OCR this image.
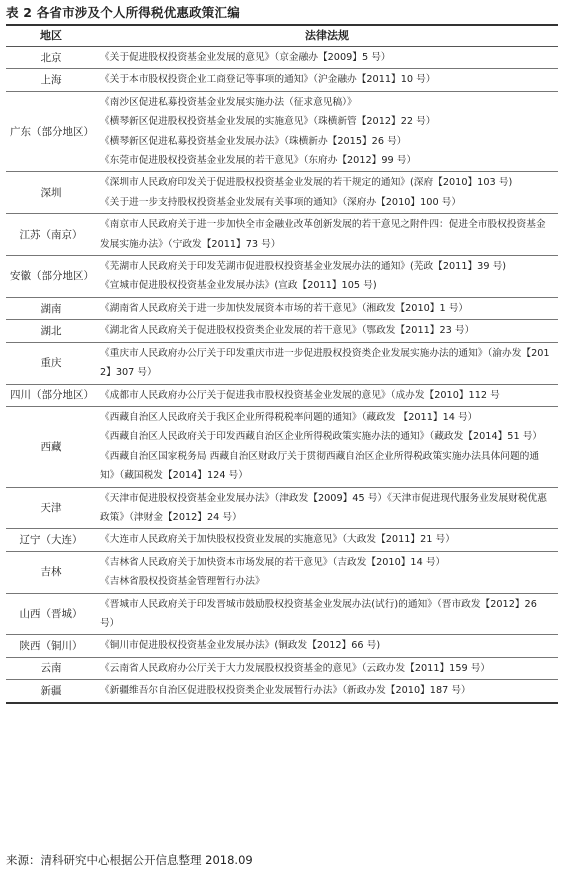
表 2 各省市涉及个人所得税优惠政策汇编
地区	法律法规
北京	《关于促进股权投资基金业发展的意见》（京金融办【2009】5 号）
上海	《关于本市股权投资企业工商登记等事项的通知》（沪金融办【2011】10 号）
广东（部分地区）
《南沙区促进私募投资基金业发展实施办法（征求意见稿）》
《横琴新区促进股权投资基金业发展的实施意见》（珠横新管【2012】22 号）
《横琴新区促进私募投资基金业发展办法》（珠横新办【2015】26 号）
《东莞市促进股权投资基金业发展的若干意见》（东府办【2012】99 号）
深圳
《深圳市人民政府印发关于促进股权投资基金业发展的若干规定的通知》(深府【2010】103 号)
《关于进一步支持股权投资基金业发展有关事项的通知》（深府办【2010】100 号）
江苏（南京）
《南京市人民政府关于进一步加快全市金融业改革创新发展的若干意见之附件四：促进全市股权投资基金发展实施办法》（宁政发【2011】73 号）
安徽（部分地区）
《芜湖市人民政府关于印发芜湖市促进股权投资基金业发展办法的通知》(芜政【2011】39 号)
《宣城市促进股权投资基金业发展办法》(宣政【2011】105 号)
湖南	《湖南省人民政府关于进一步加快发展资本市场的若干意见》（湘政发【2010】1 号）
湖北	《湖北省人民政府关于促进股权投资类企业发展的若干意见》（鄂政发【2011】23 号）
重庆
《重庆市人民政府办公厅关于印发重庆市进一步促进股权投资类企业发展实施办法的通知》（渝办发【2012】307 号）
四川（部分地区） 《成都市人民政府办公厅关于促进我市股权投资基金业发展的意见》（成办发【2010】112 号
西藏
《西藏自治区人民政府关于我区企业所得税税率问题的通知》（藏政发 【2011】14 号）
《西藏自治区人民政府关于印发西藏自治区企业所得税政策实施办法的通知》（藏政发【2014】51 号）
《西藏自治区国家税务局 西藏自治区财政厅关于贯彻西藏自治区企业所得税政策实施办法具体问题的通知》（藏国税发【2014】124 号）
天津
《天津市促进股权投资基金业发展办法》（津政发【2009】45 号）《天津市促进现代服务业发展财税优惠政策》（津财金【2012】24 号）
辽宁（大连）	《大连市人民政府关于加快股权投资业发展的实施意见》（大政发【2011】21 号）
吉林
《吉林省人民政府关于加快资本市场发展的若干意见》（吉政发【2010】14 号）
《吉林省股权投资基金管理暂行办法》
山西（晋城）
《晋城市人民政府关于印发晋城市鼓励股权投资基金业发展办法(试行)的通知》（晋市政发【2012】26 号）
陕西（铜川）	《铜川市促进股权投资基金业发展办法》(铜政发【2012】66 号)
云南	《云南省人民政府办公厅关于大力发展股权投资基金的意见》（云政办发【2011】159 号）
新疆	《新疆维吾尔自治区促进股权投资类企业发展暂行办法》（新政办发【2010】187 号）
来源：清科研究中心根据公开信息整理 2018.09
